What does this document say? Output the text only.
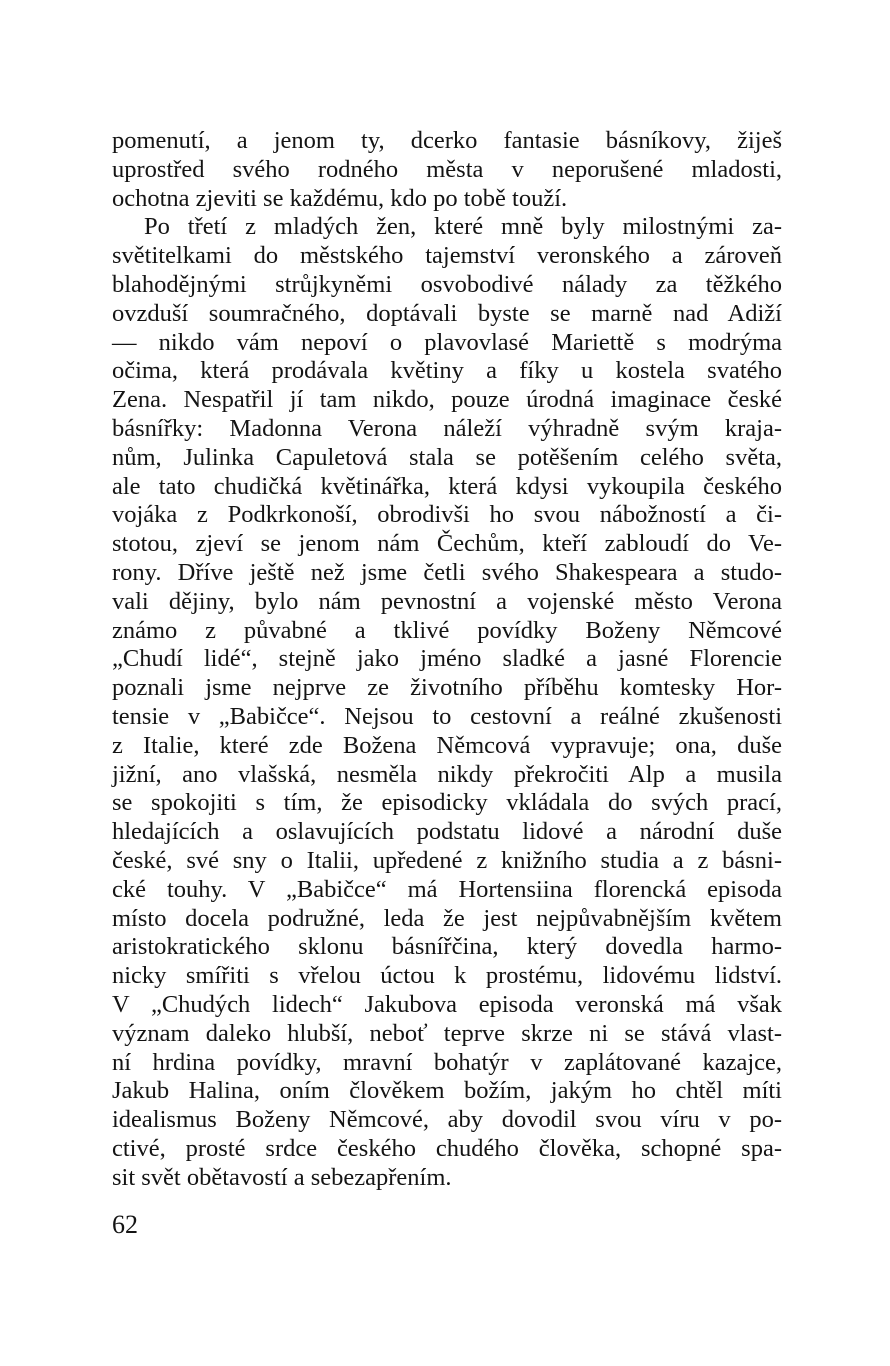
pomenutí, a jenom ty, dcerko fantasie básníkovy, žiješ
uprostřed svého rodného města v neporušené mladosti,
ochotna zjeviti se každému, kdo po tobě touží.
Po třetí z mladých žen, které mně byly milostnými za-
světitelkami do městského tajemství veronského a zároveň
blahodějnými strůjkyněmi osvobodivé nálady za těžkého
ovzduší soumračného, doptávali byste se marně nad Adiží
— nikdo vám nepoví o plavovlasé Mariettě s modrýma
očima, která prodávala květiny a fíky u kostela svatého
Zena. Nespatřil jí tam nikdo, pouze úrodná imaginace české
básnířky: Madonna Verona náleží výhradně svým kraja-
nům, Julinka Capuletová stala se potěšením celého světa,
ale tato chudičká květinářka, která kdysi vykoupila českého
vojáka z Podkrkonoší, obrodivši ho svou nábožností a či-
stotou, zjeví se jenom nám Čechům, kteří zabloudí do Ve-
rony. Dříve ještě než jsme četli svého Shakespeara a studo-
vali dějiny, bylo nám pevnostní a vojenské město Verona
známo z půvabné a tklivé povídky Boženy Němcové
„Chudí lidé“, stejně jako jméno sladké a jasné Florencie
poznali jsme nejprve ze životního příběhu komtesky Hor-
tensie v „Babičce“. Nejsou to cestovní a reálné zkušenosti
z Italie, které zde Božena Němcová vypravuje; ona, duše
jižní, ano vlašská, nesměla nikdy překročiti Alp a musila
se spokojiti s tím, že episodicky vkládala do svých prací,
hledajících a oslavujících podstatu lidové a národní duše
české, své sny o Italii, upředené z knižního studia a z básni-
cké touhy. V „Babičce“ má Hortensiina florencká episoda
místo docela podružné, leda že jest nejpůvabnějším květem
aristokratického sklonu básnířčina, který dovedla harmo-
nicky smířiti s vřelou úctou k prostému, lidovému lidství.
V „Chudých lidech“ Jakubova episoda veronská má však
význam daleko hlubší, neboť teprve skrze ni se stává vlast-
ní hrdina povídky, mravní bohatýr v zaplátované kazajce,
Jakub Halina, oním člověkem božím, jakým ho chtěl míti
idealismus Boženy Němcové, aby dovodil svou víru v po-
ctivé, prosté srdce českého chudého člověka, schopné spa-
sit svět obětavostí a sebezapřením.
62
